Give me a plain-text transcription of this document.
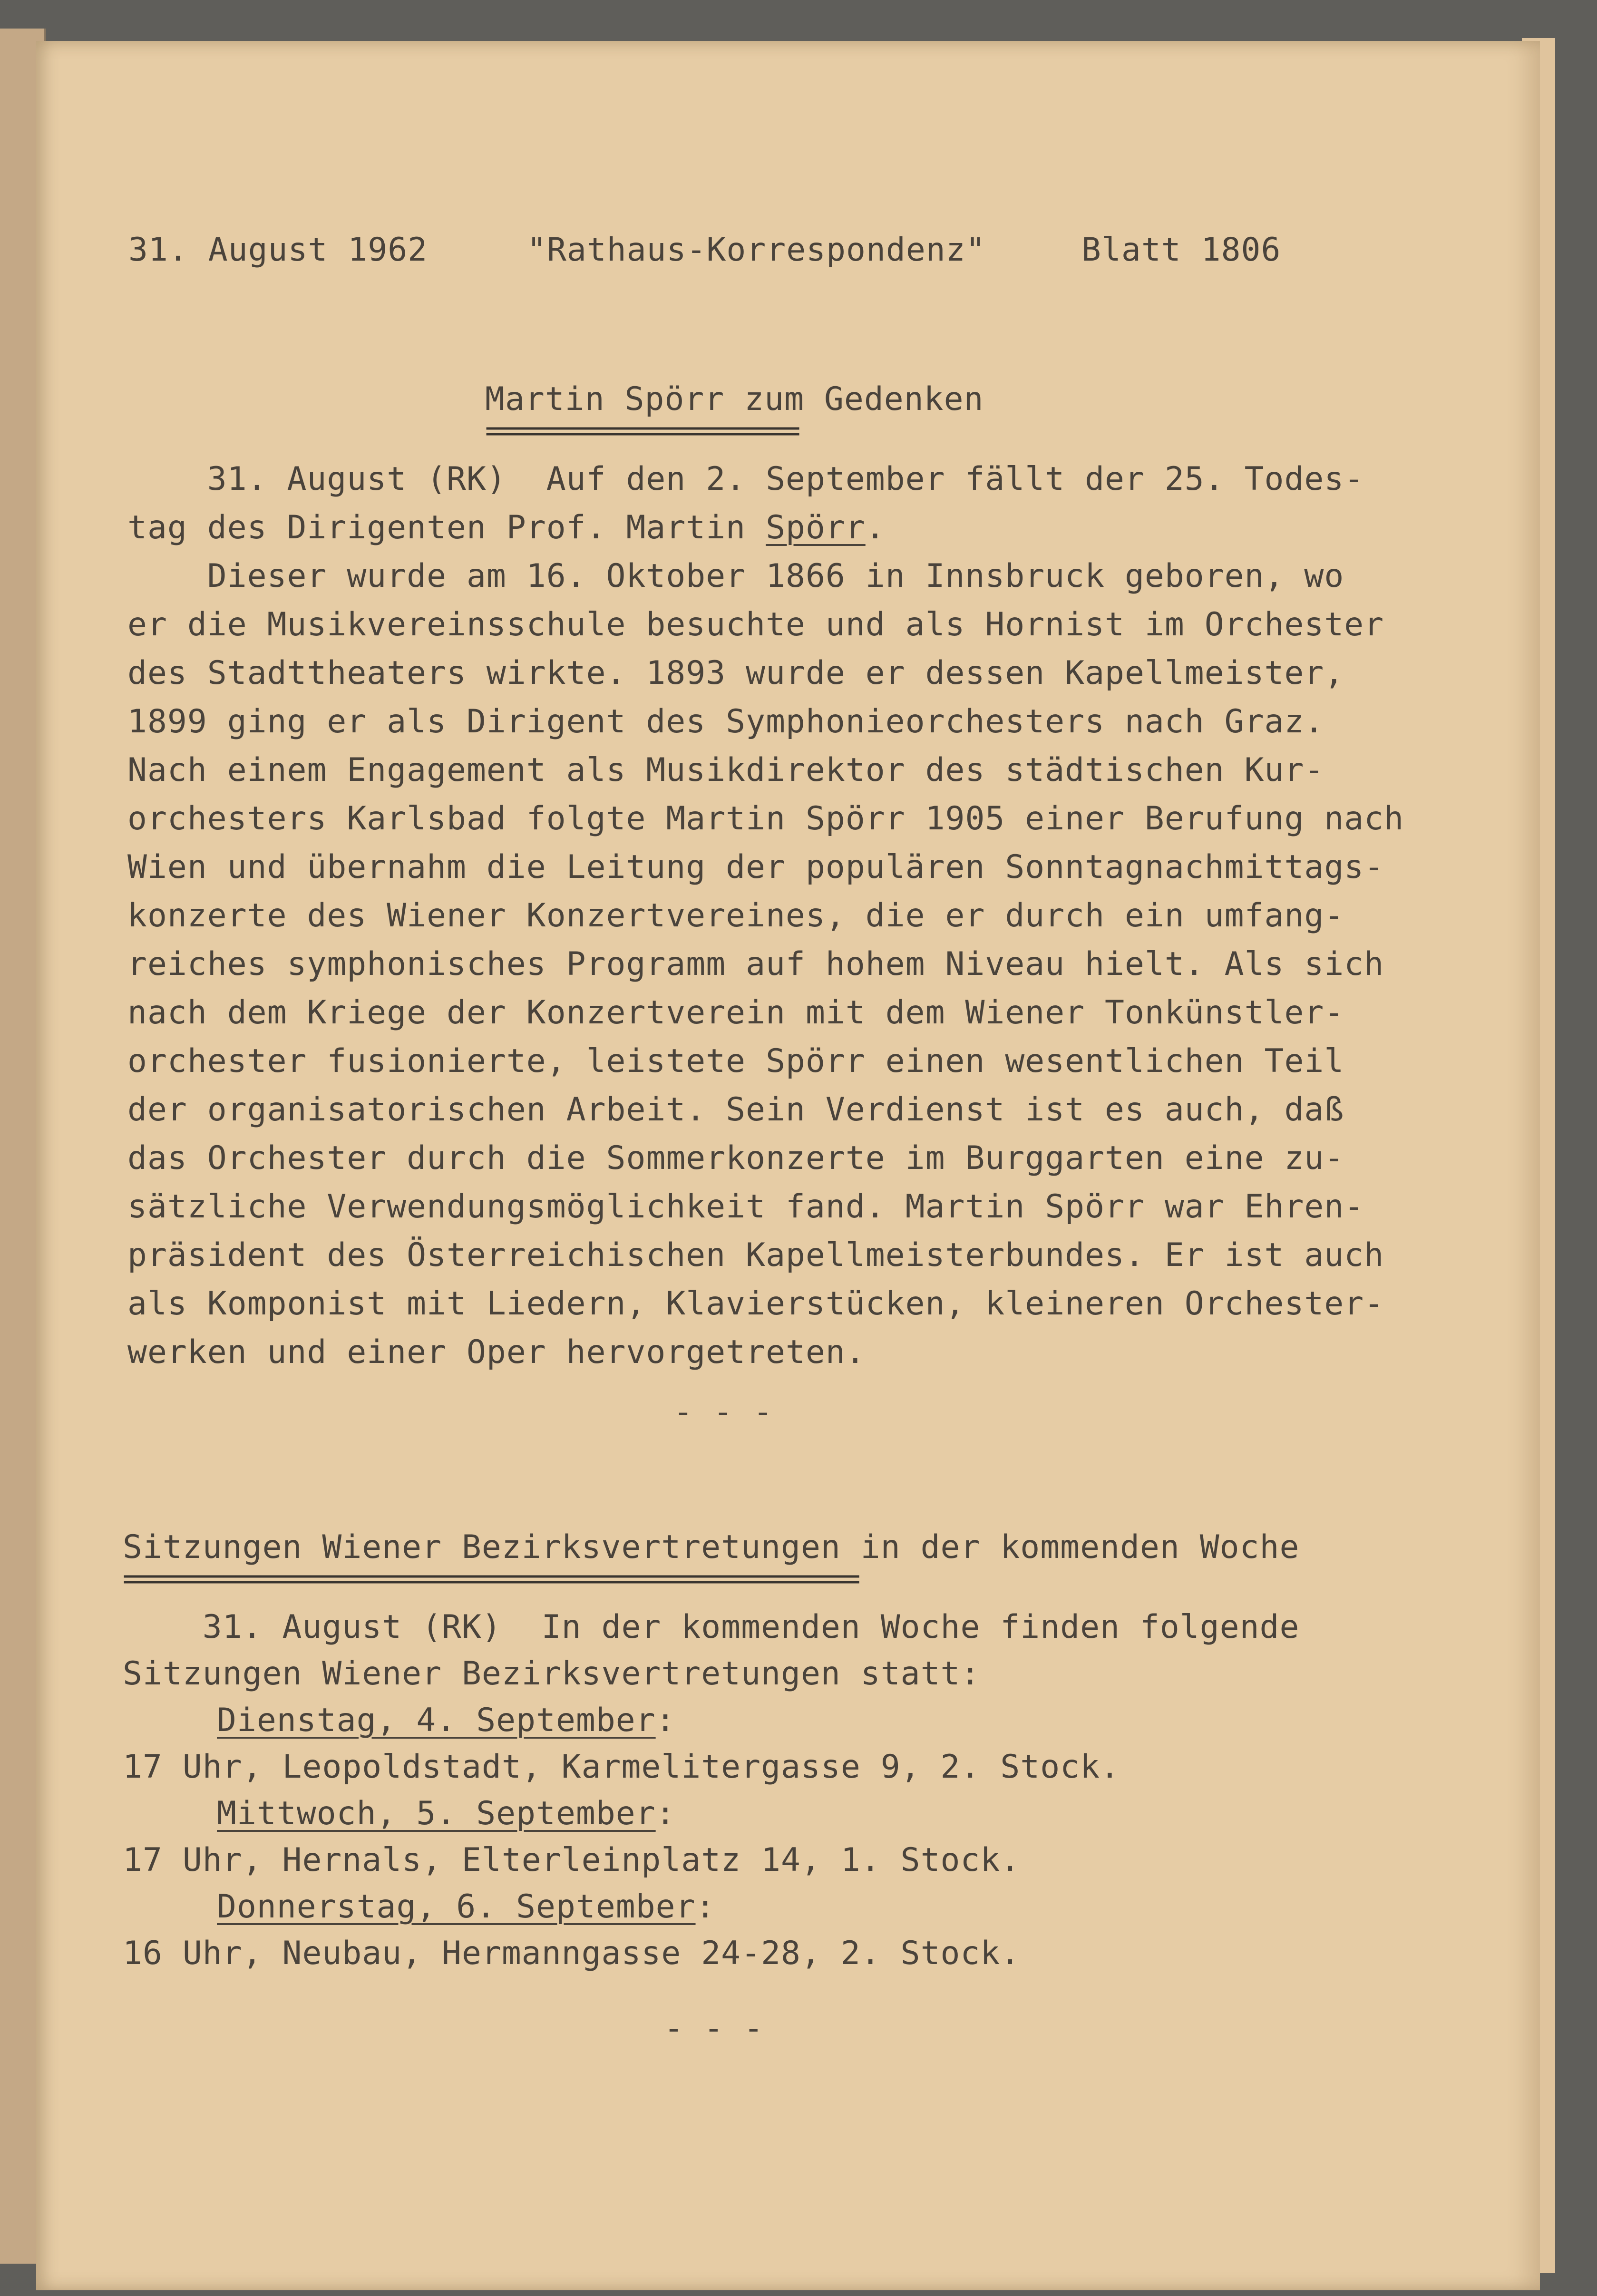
31. August 1962	"Rathaus-Korrespondenz"	Blatt 1806
Martin Spörr zum Gedenken
=========================
31. August (RK)  Auf den 2. September fällt der 25. Todes-
tag des Dirigenten Prof. Martin Spörr.
Dieser wurde am 16. Oktober 1866 in Innsbruck geboren, wo
er die Musikvereinsschule besuchte und als Hornist im Orchester
des Stadttheaters wirkte. 1893 wurde er dessen Kapellmeister,
1899 ging er als Dirigent des Symphonieorchesters nach Graz.
Nach einem Engagement als Musikdirektor des städtischen Kur-
orchesters Karlsbad folgte Martin Spörr 1905 einer Berufung nach
Wien und übernahm die Leitung der populären Sonntagnachmittags-
konzerte des Wiener Konzertvereines, die er durch ein umfang-
reiches symphonisches Programm auf hohem Niveau hielt. Als sich
nach dem Kriege der Konzertverein mit dem Wiener Tonkünstler-
orchester fusionierte, leistete Spörr einen wesentlichen Teil
der organisatorischen Arbeit. Sein Verdienst ist es auch, daß
das Orchester durch die Sommerkonzerte im Burggarten eine zu-
sätzliche Verwendungsmöglichkeit fand. Martin Spörr war Ehren-
präsident des Österreichischen Kapellmeisterbundes. Er ist auch
als Komponist mit Liedern, Klavierstücken, kleineren Orchester-
werken und einer Oper hervorgetreten.
- - -
Sitzungen Wiener Bezirksvertretungen in der kommenden Woche
===========================================================
31. August (RK)  In der kommenden Woche finden folgende
Sitzungen Wiener Bezirksvertretungen statt:
Dienstag, 4. September:
17 Uhr, Leopoldstadt, Karmelitergasse 9, 2. Stock.
Mittwoch, 5. September:
17 Uhr, Hernals, Elterleinplatz 14, 1. Stock.
Donnerstag, 6. September:
16 Uhr, Neubau, Hermanngasse 24-28, 2. Stock.
- - -
